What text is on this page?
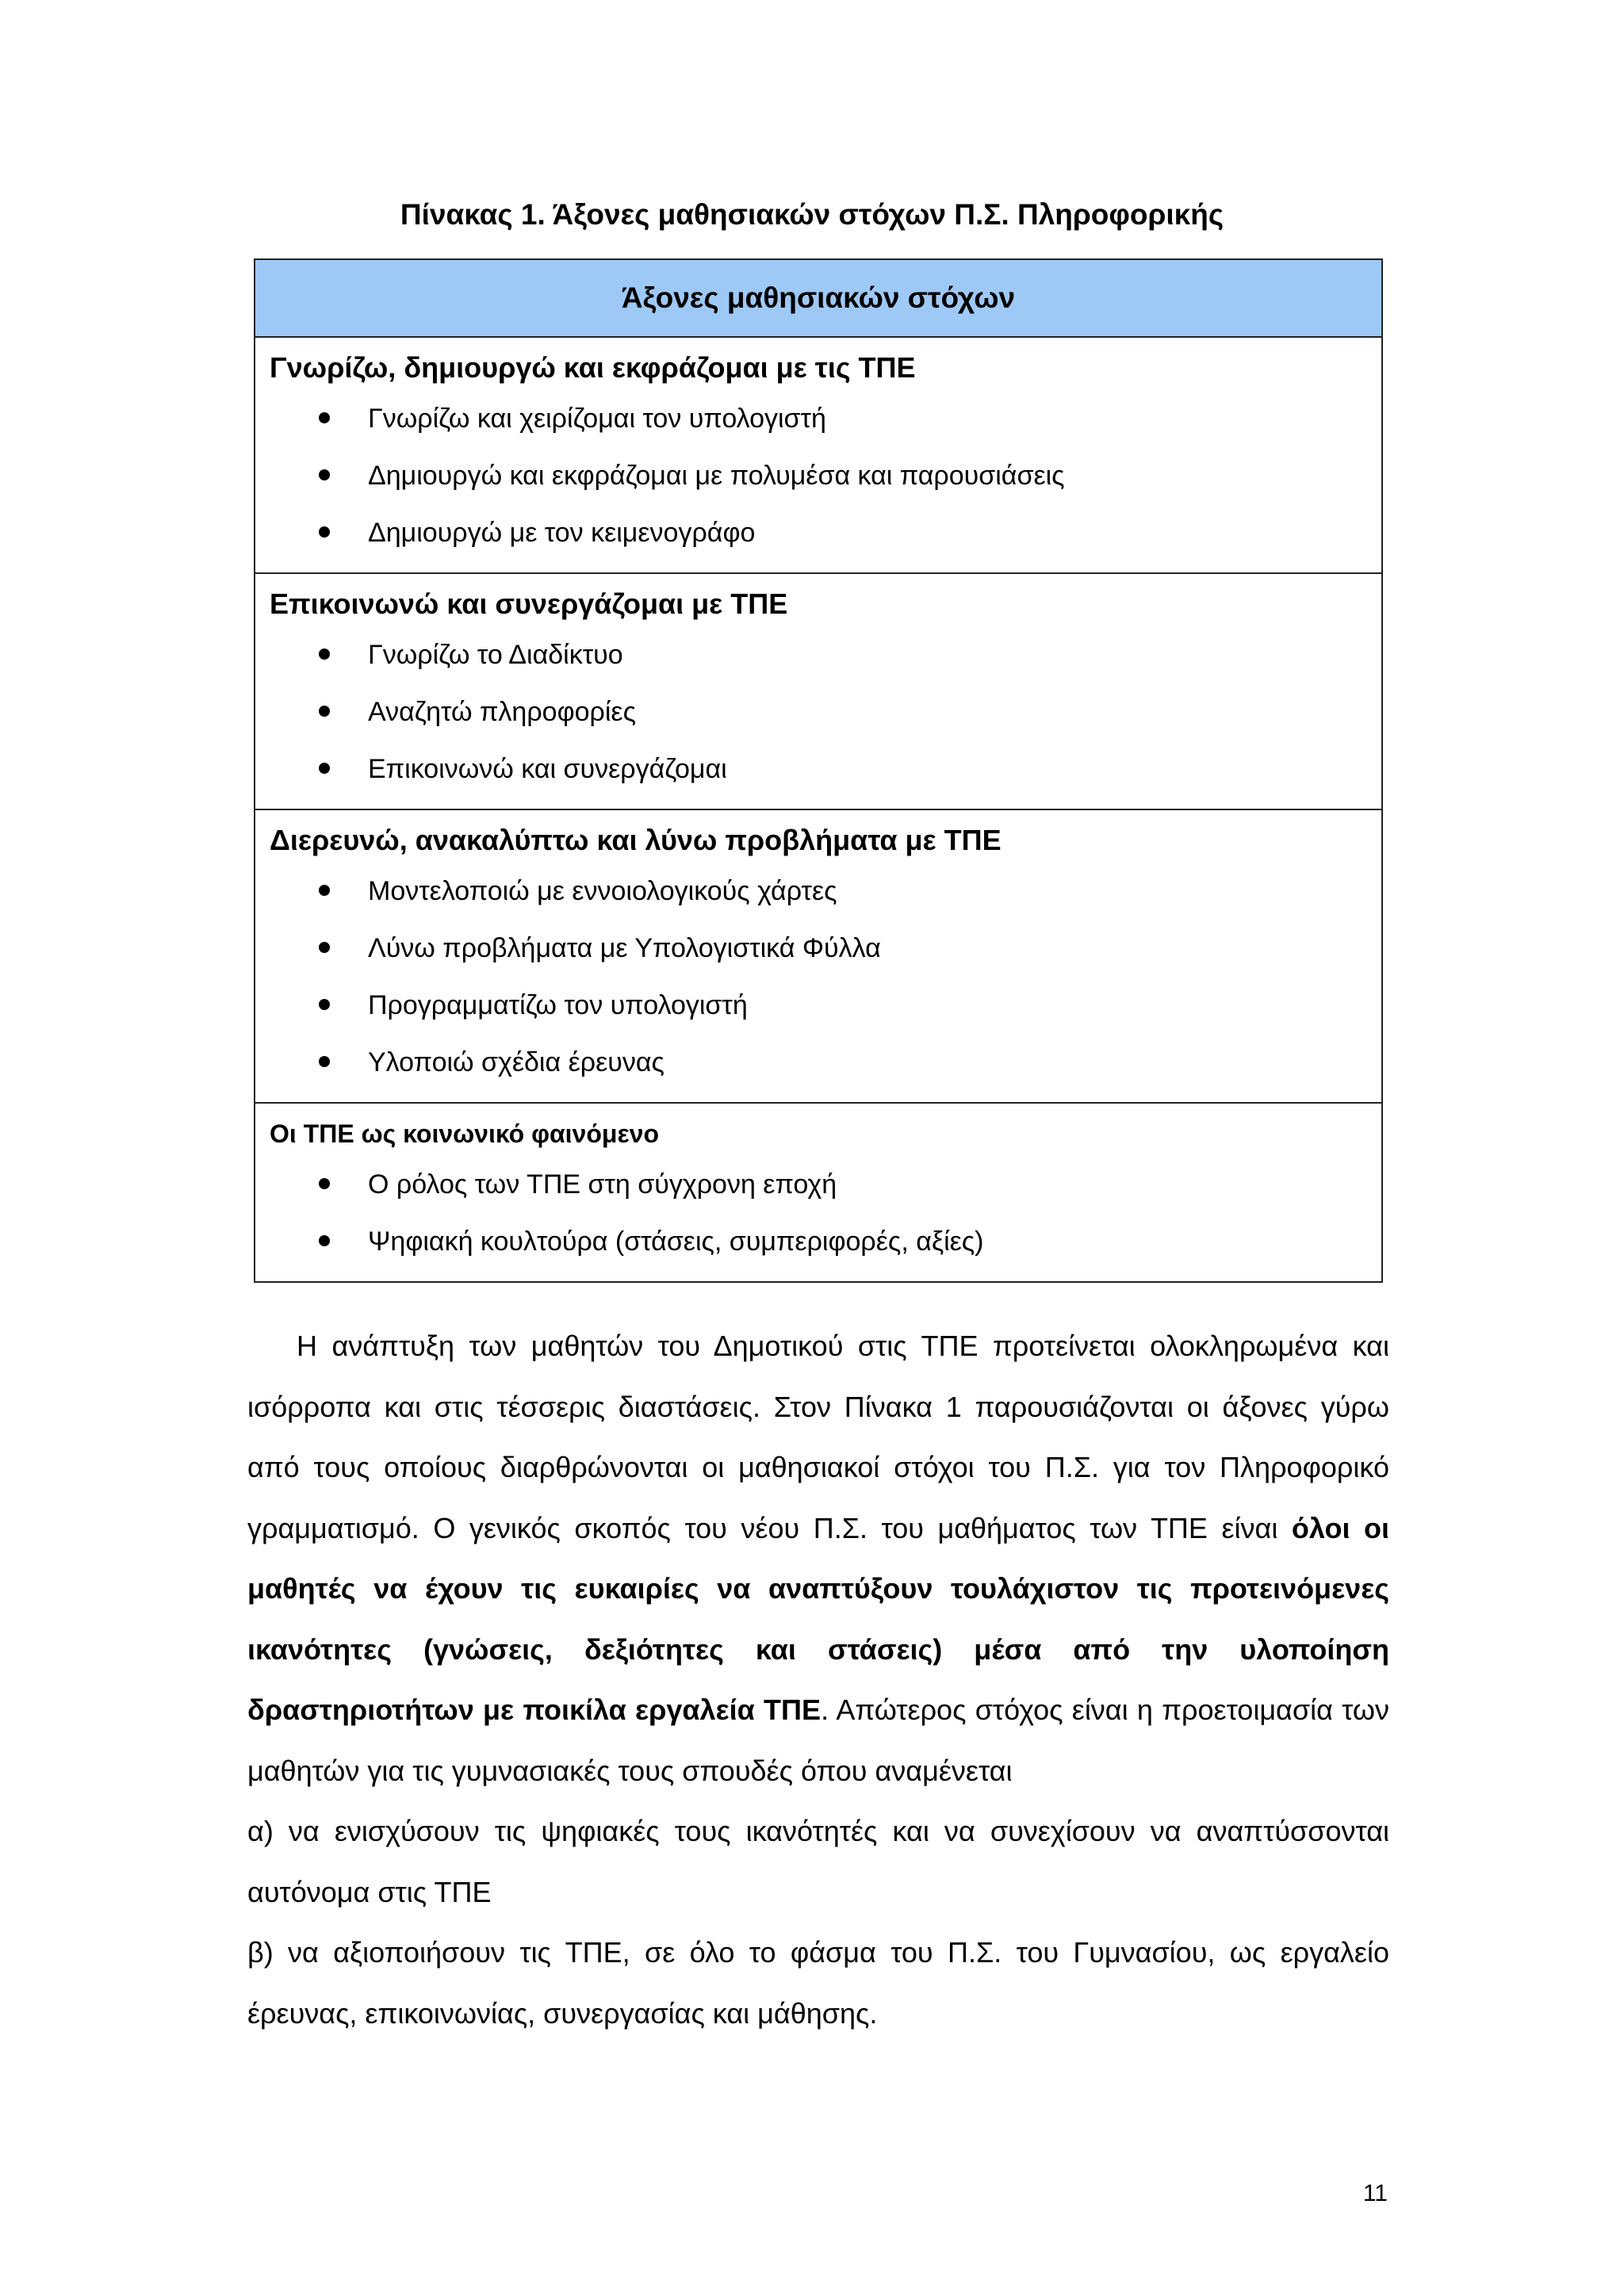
Πίνακας 1. Άξονες μαθησιακών στόχων Π.Σ. Πληροφορικής
Άξονες μαθησιακών στόχων
Γνωρίζω, δημιουργώ και εκφράζομαι με τις ΤΠΕ
Γνωρίζω και χειρίζομαι τον υπολογιστή
Δημιουργώ και εκφράζομαι με πολυμέσα και παρουσιάσεις
Δημιουργώ με τον κειμενογράφο
Επικοινωνώ και συνεργάζομαι με ΤΠΕ
Γνωρίζω το Διαδίκτυο
Αναζητώ πληροφορίες
Επικοινωνώ και συνεργάζομαι
Διερευνώ, ανακαλύπτω και λύνω προβλήματα με ΤΠΕ
Μοντελοποιώ με εννοιολογικούς χάρτες
Λύνω προβλήματα με Υπολογιστικά Φύλλα
Προγραμματίζω τον υπολογιστή
Υλοποιώ σχέδια έρευνας
Οι ΤΠΕ ως κοινωνικό φαινόμενο
Ο ρόλος των ΤΠΕ στη σύγχρονη εποχή
Ψηφιακή κουλτούρα (στάσεις, συμπεριφορές, αξίες)

Η ανάπτυξη των μαθητών του Δημοτικού στις ΤΠΕ προτείνεται ολοκληρωμένα και ισόρροπα και στις τέσσερις διαστάσεις. Στον Πίνακα 1 παρουσιάζονται οι άξονες γύρω από τους οποίους διαρθρώνονται οι μαθησιακοί στόχοι του Π.Σ. για τον Πληροφορικό γραμματισμό. Ο γενικός σκοπός του νέου Π.Σ. του μαθήματος των ΤΠΕ είναι όλοι οι μαθητές να έχουν τις ευκαιρίες να αναπτύξουν τουλάχιστον τις προτεινόμενες ικανότητες (γνώσεις, δεξιότητες και στάσεις) μέσα από την υλοποίηση δραστηριοτήτων με ποικίλα εργαλεία ΤΠΕ. Απώτερος στόχος είναι η προετοιμασία των μαθητών για τις γυμνασιακές τους σπουδές όπου αναμένεται

α) να ενισχύσουν τις ψηφιακές τους ικανότητές και να συνεχίσουν να αναπτύσσονται αυτόνομα στις ΤΠΕ

β) να αξιοποιήσουν τις ΤΠΕ, σε όλο το φάσμα του Π.Σ. του Γυμνασίου, ως εργαλείο έρευνας, επικοινωνίας, συνεργασίας και μάθησης.

11
